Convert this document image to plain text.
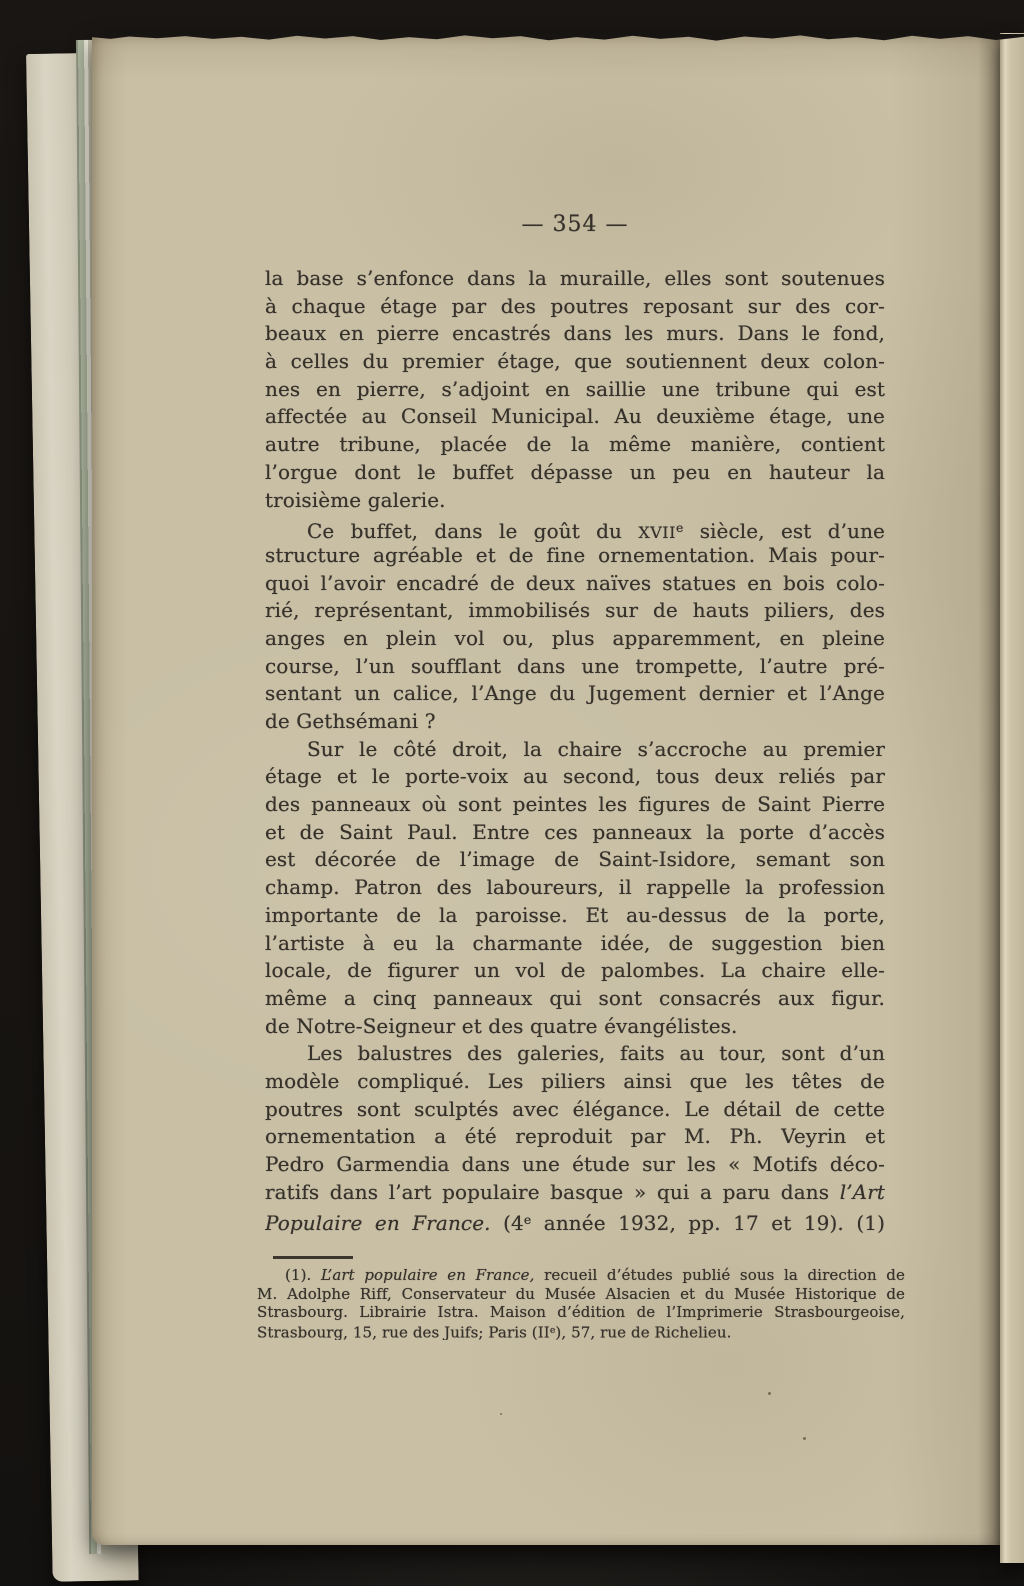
— 354 —
la base s’enfonce dans la muraille, elles sont soutenues
à chaque étage par des poutres reposant sur des cor-
beaux en pierre encastrés dans les murs. Dans le fond,
à celles du premier étage, que soutiennent deux colon-
nes en pierre, s’adjoint en saillie une tribune qui est
affectée au Conseil Municipal. Au deuxième étage, une
autre tribune, placée de la même manière, contient
l’orgue dont le buffet dépasse un peu en hauteur la
troisième galerie.
Ce buffet, dans le goût du XVIIe siècle, est d’une
structure agréable et de fine ornementation. Mais pour-
quoi l’avoir encadré de deux naïves statues en bois colo-
rié, représentant, immobilisés sur de hauts piliers, des
anges en plein vol ou, plus apparemment, en pleine
course, l’un soufflant dans une trompette, l’autre pré-
sentant un calice, l’Ange du Jugement dernier et l’Ange
de Gethsémani ?
Sur le côté droit, la chaire s’accroche au premier
étage et le porte-voix au second, tous deux reliés par
des panneaux où sont peintes les figures de Saint Pierre
et de Saint Paul. Entre ces panneaux la porte d’accès
est décorée de l’image de Saint-Isidore, semant son
champ. Patron des laboureurs, il rappelle la profession
importante de la paroisse. Et au-dessus de la porte,
l’artiste à eu la charmante idée, de suggestion bien
locale, de figurer un vol de palombes. La chaire elle-
même a cinq panneaux qui sont consacrés aux figur.
de Notre-Seigneur et des quatre évangélistes.
Les balustres des galeries, faits au tour, sont d’un
modèle compliqué. Les piliers ainsi que les têtes de
poutres sont sculptés avec élégance. Le détail de cette
ornementation a été reproduit par M. Ph. Veyrin et
Pedro Garmendia dans une étude sur les « Motifs déco-
ratifs dans l’art populaire basque » qui a paru dans l’Art
Populaire en France. (4e année 1932, pp. 17 et 19). (1)
(1). L’art populaire en France, recueil d’études publié sous la direction de
M. Adolphe Riff, Conservateur du Musée Alsacien et du Musée Historique de
Strasbourg. Librairie Istra. Maison d’édition de l’Imprimerie Strasbourgeoise,
Strasbourg, 15, rue des Juifs; Paris (IIe), 57, rue de Richelieu.
